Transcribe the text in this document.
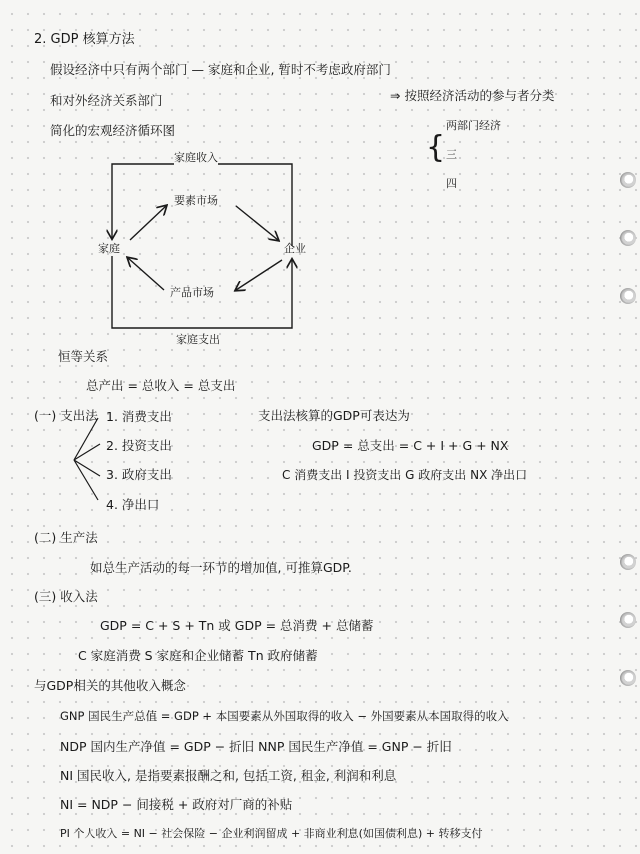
2. GDP 核算方法
假设经济中只有两个部门 — 家庭和企业, 暂时不考虑政府部门
和对外经济关系部门	⇒ 按照经济活动的参与者分类
简化的宏观经济循环图	{
两部门经济
三
四
家庭收入
要素市场
家庭	企业
产品市场
家庭支出
恒等关系
总产出 = 总收入 = 总支出
(一) 支出法 1. 消费支出
2. 投资支出
3. 政府支出
4. 净出口
支出法核算的GDP可表达为
GDP = 总支出 = C + I + G + NX
C 消费支出 I 投资支出 G 政府支出 NX 净出口
(二) 生产法
如总生产活动的每一环节的增加值, 可推算GDP.
(三) 收入法
GDP = C + S + Tn 或 GDP = 总消费 + 总储蓄
C 家庭消费 S 家庭和企业储蓄 Tn 政府储蓄
与GDP相关的其他收入概念
GNP 国民生产总值 = GDP + 本国要素从外国取得的收入 − 外国要素从本国取得的收入
NDP 国内生产净值 = GDP − 折旧 NNP 国民生产净值 = GNP − 折旧
NI 国民收入, 是指要素报酬之和, 包括工资, 租金, 利润和利息
NI = NDP − 间接税 + 政府对厂商的补贴
PI 个人收入 = NI − 社会保险 − 企业利润留成 + 非商业利息(如国债利息) + 转移支付
